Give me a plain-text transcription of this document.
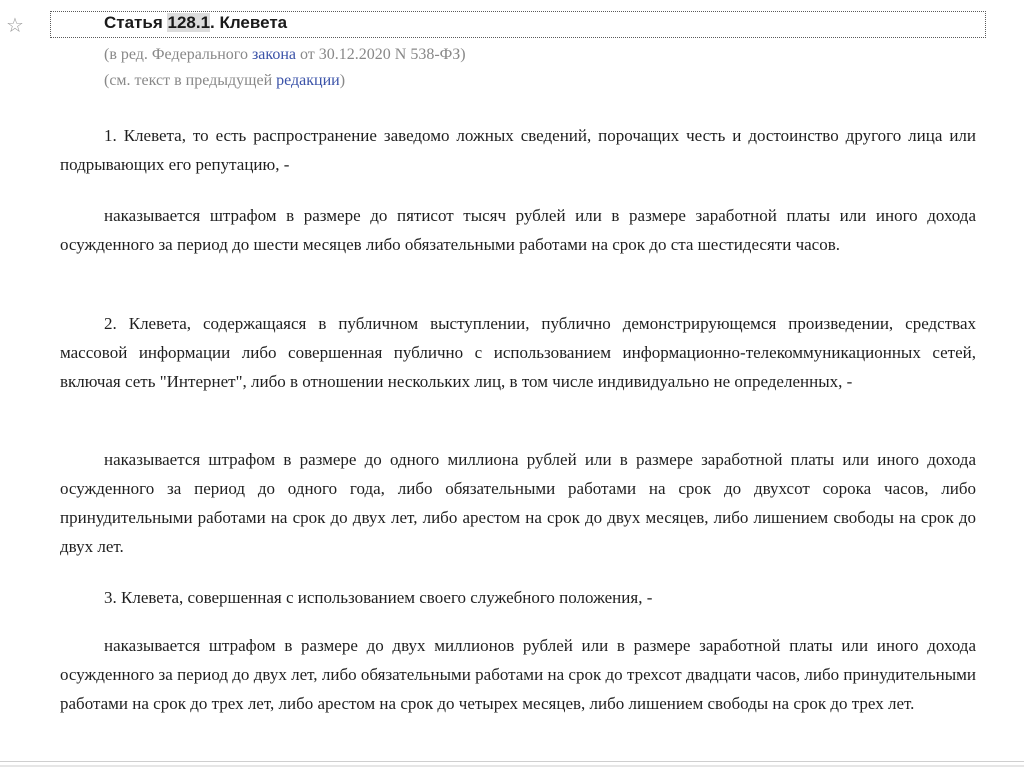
☆	Статья 128.1. Клевета
(в ред. Федерального закона от 30.12.2020 N 538-ФЗ)
(см. текст в предыдущей редакции)

1. Клевета, то есть распространение заведомо ложных сведений, порочащих честь и достоинство другого лица или подрывающих его репутацию, -

наказывается штрафом в размере до пятисот тысяч рублей или в размере заработной платы или иного дохода осужденного за период до шести месяцев либо обязательными работами на срок до ста шестидесяти часов.

2. Клевета, содержащаяся в публичном выступлении, публично демонстрирующемся произведении, средствах массовой информации либо совершенная публично с использованием информационно-телекоммуникационных сетей, включая сеть "Интернет", либо в отношении нескольких лиц, в том числе индивидуально не определенных, -

наказывается штрафом в размере до одного миллиона рублей или в размере заработной платы или иного дохода осужденного за период до одного года, либо обязательными работами на срок до двухсот сорока часов, либо принудительными работами на срок до двух лет, либо арестом на срок до двух месяцев, либо лишением свободы на срок до двух лет.

3. Клевета, совершенная с использованием своего служебного положения, -

наказывается штрафом в размере до двух миллионов рублей или в размере заработной платы или иного дохода осужденного за период до двух лет, либо обязательными работами на срок до трехсот двадцати часов, либо принудительными работами на срок до трех лет, либо арестом на срок до четырех месяцев, либо лишением свободы на срок до трех лет.
